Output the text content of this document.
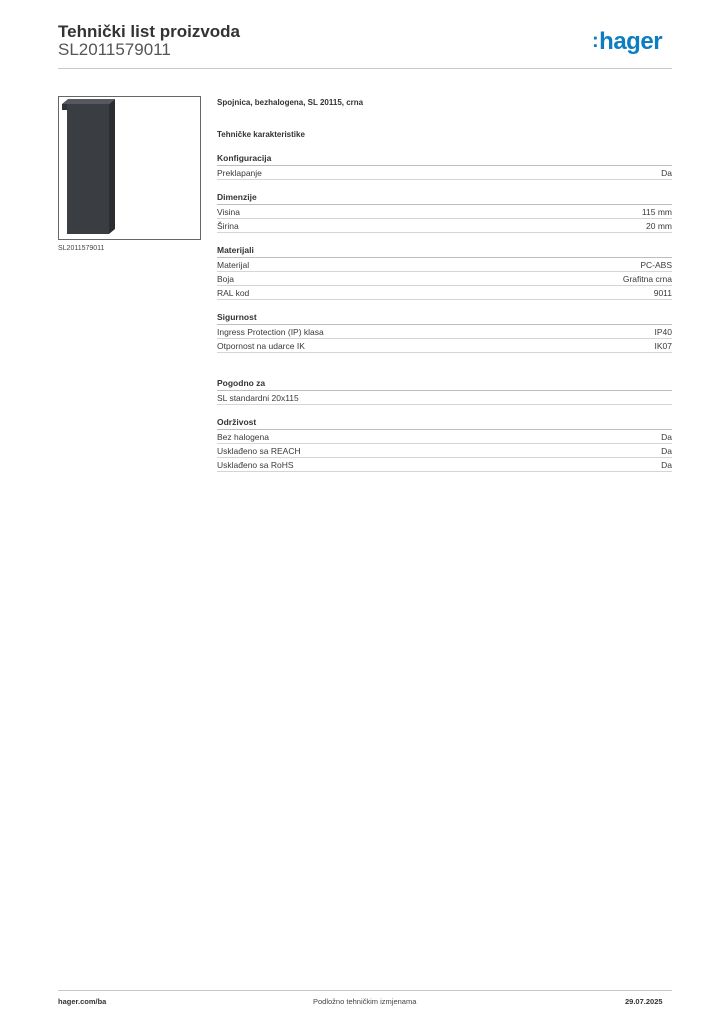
Tehnički list proizvoda
SL2011579011	:hager
SL2011579011
Spojnica, bezhalogena, SL 20115, crna
Tehničke karakteristike
Konfiguracija
Preklapanje	Da
Dimenzije
Visina	115 mm
Širina	20 mm
Materijali
Materijal	PC-ABS
Boja	Grafitna crna
RAL kod	9011
Sigurnost
Ingress Protection (IP) klasa	IP40
Otpornost na udarce IK	IK07
Pogodno za
SL standardni 20x115
Održivost
Bez halogena	Da
Usklađeno sa REACH	Da
Usklađeno sa RoHS	Da
hager.com/ba	Podložno tehničkim izmjenama	29.07.2025
